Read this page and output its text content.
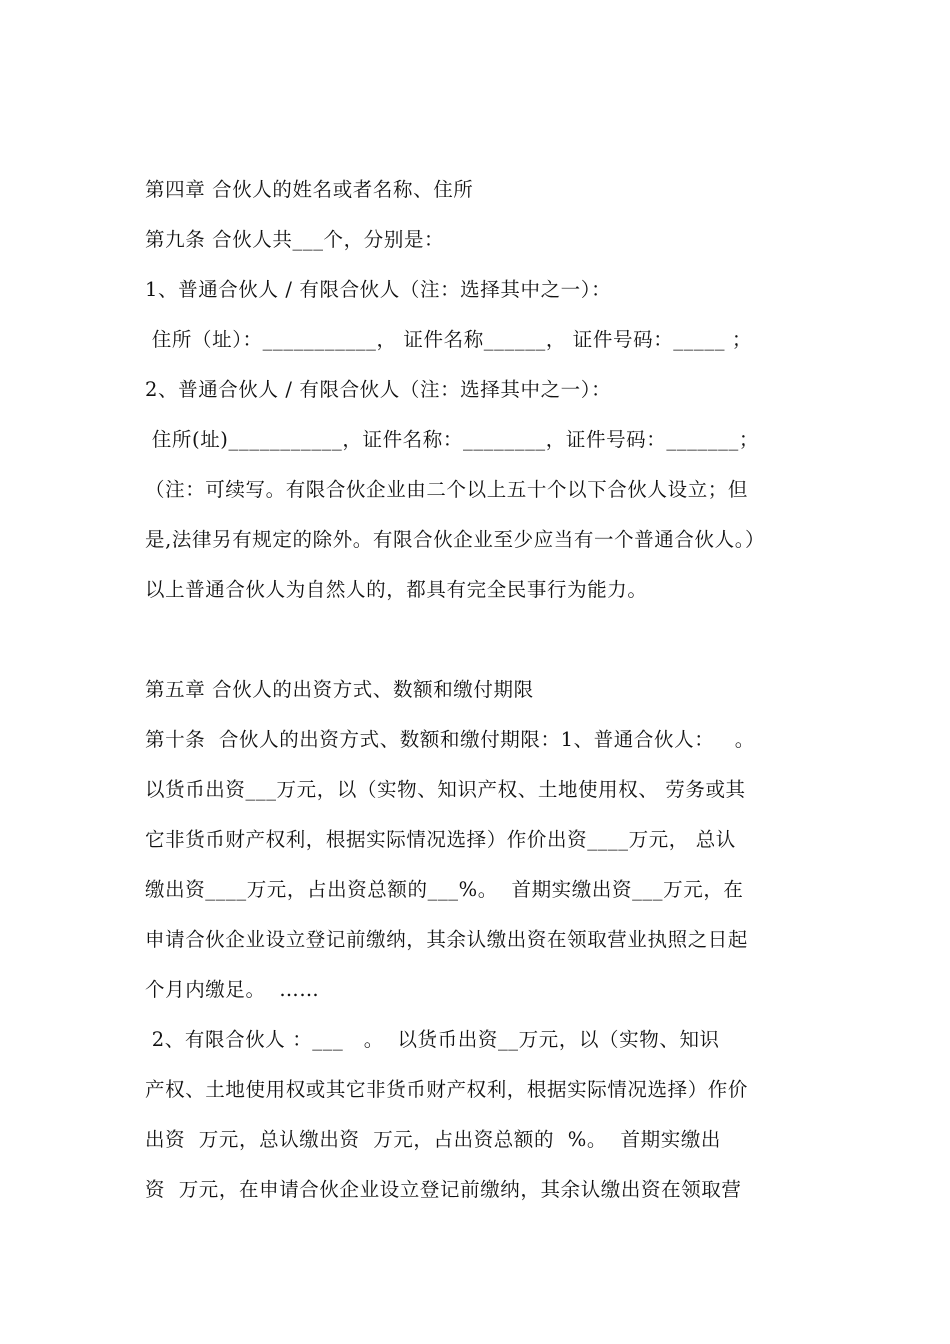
第四章 合伙人的姓名或者名称、住所
第九条 合伙人共___个，分别是：
1、普通合伙人 / 有限合伙人（注：选择其中之一）：
住所（址）：___________， 证件名称______， 证件号码：_____ ；
2、普通合伙人 / 有限合伙人（注：选择其中之一）：
住所(址)___________，证件名称：________，证件号码：_______；
（注：可续写。有限合伙企业由二个以上五十个以下合伙人设立；但
是,法律另有规定的除外。有限合伙企业至少应当有一个普通合伙人。）
以上普通合伙人为自然人的，都具有完全民事行为能力。
第五章 合伙人的出资方式、数额和缴付期限
第十条  合伙人的出资方式、数额和缴付期限：1、普通合伙人：   。
以货币出资___万元，以（实物、知识产权、土地使用权、 劳务或其
它非货币财产权利，根据实际情况选择）作价出资____万元， 总认
缴出资____万元，占出资总额的___%。  首期实缴出资___万元，在
申请合伙企业设立登记前缴纳，其余认缴出资在领取营业执照之日起
个月内缴足。  ……
2、有限合伙人 ：___   。  以货币出资__万元，以（实物、知识
产权、土地使用权或其它非货币财产权利，根据实际情况选择）作价
出资  万元，总认缴出资  万元，占出资总额的  %。  首期实缴出
资  万元，在申请合伙企业设立登记前缴纳，其余认缴出资在领取营
